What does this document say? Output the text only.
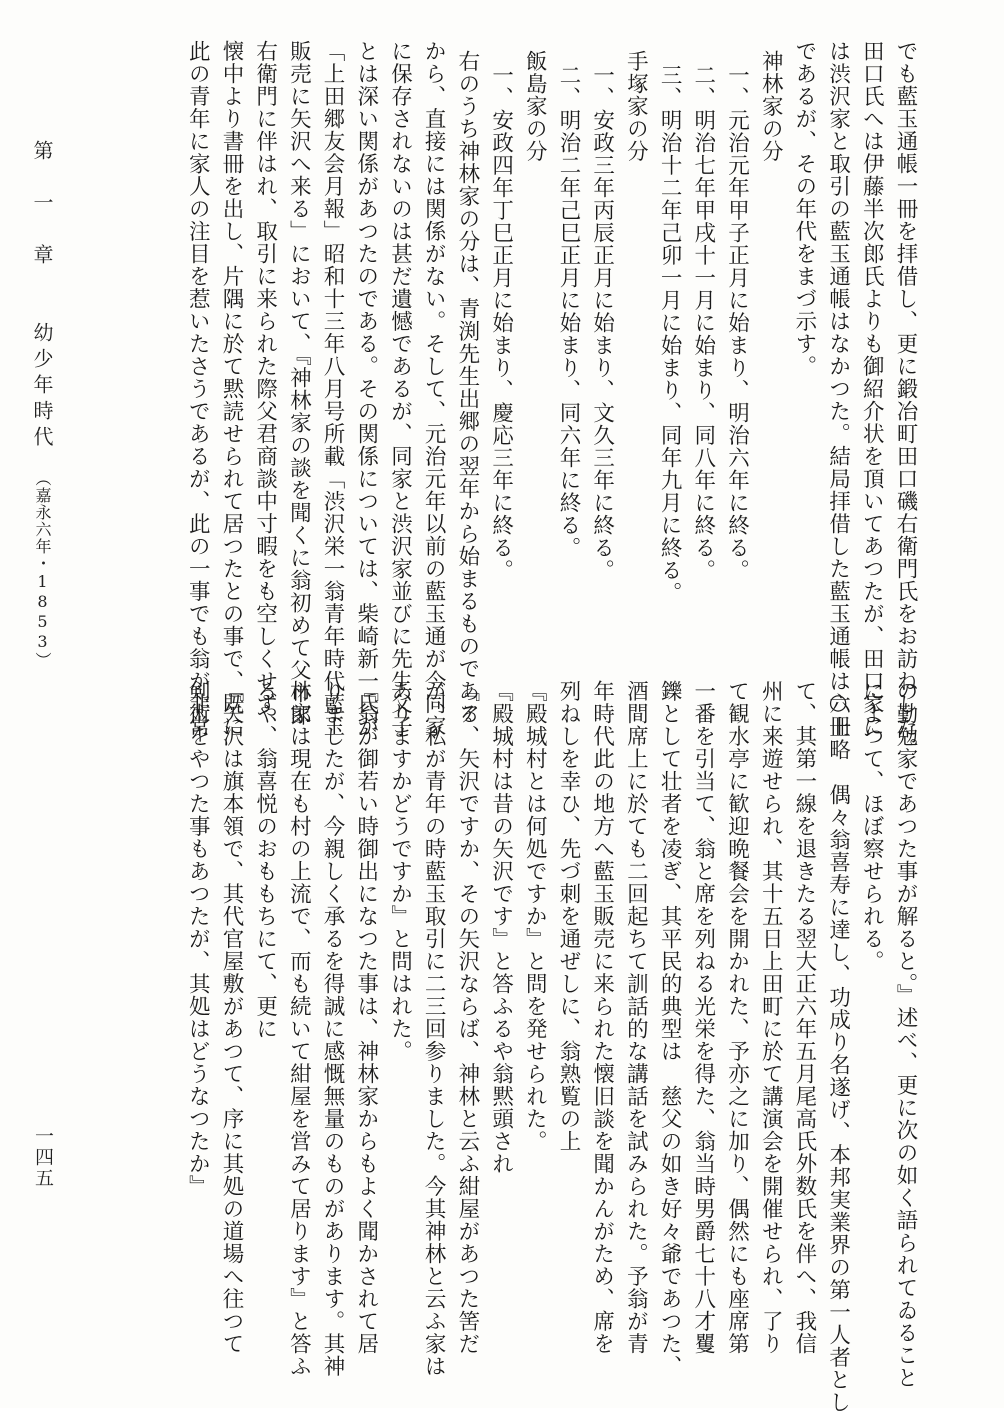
でも藍玉通帳一冊を拝借し、更に鍛冶町田口磯右衛門氏をお訪ねした。
田口氏へは伊藤半次郎氏よりも御紹介状を頂いてあつたが、田口家に
は渋沢家と取引の藍玉通帳はなかつた。結局拝借した藍玉通帳は六冊
であるが、その年代をまづ示す。
神林家の分
一、元治元年甲子正月に始まり、明治六年に終る。
二、明治七年甲戌十一月に始まり、同八年に終る。
三、明治十二年己卯一月に始まり、同年九月に終る。
手塚家の分
一、安政三年丙辰正月に始まり、文久三年に終る。
二、明治二年己巳正月に始まり、同六年に終る。
飯島家の分
一、安政四年丁巳正月に始まり、慶応三年に終る。
右のうち神林家の分は、青渕先生出郷の翌年から始まるものである
から、直接には関係がない。そして、元治元年以前の藍玉通が今同家
に保存されないのは甚だ遺憾であるが、同家と渋沢家並びに先生父子
とは深い関係があつたのである。その関係については、柴崎新一氏が
「上田郷友会月報」昭和十三年八月号所載「渋沢栄一翁青年時代藍玉
販売に矢沢へ来る」において、『神林家の談を聞くに翁初めて父市郎
右衛門に伴はれ、取引に来られた際父君商談中寸暇をも空しくせず、
懐中より書冊を出し、片隅に於て黙読せられて居つたとの事で、既に
此の青年に家人の注目を惹いたさうであるが、此の一事でも翁が非常
の勤勉家であつた事が解ると。』述べ、更に次の如く語られてゐること
によつて、ほぼ察せられる。
○上略　偶々翁喜寿に達し、功成り名遂げ、本邦実業界の第一人者とし
て、其第一線を退きたる翌大正六年五月尾高氏外数氏を伴へ、我信
州に来遊せられ、其十五日上田町に於て講演会を開催せられ、了り
て観水亭に歓迎晩餐会を開かれた、予亦之に加り、偶然にも座席第
一番を引当て、翁と席を列ねる光栄を得た、翁当時男爵七十八才矍
鑠として壮者を凌ぎ、其平民的典型は　慈父の如き好々爺であつた、
酒間席上に於ても二回起ちて訓話的な講話を試みられた。予翁が青
年時代此の地方へ藍玉販売に来られた懐旧談を聞かんがため、席を
列ねしを幸ひ、先づ刺を通ぜしに、翁熟覧の上
『殿城村とは何処ですか』と問を発せられた。
『殿城村は昔の矢沢です』と答ふるや翁黙頭され
『ア、矢沢ですか、その矢沢ならば、神林と云ふ紺屋があつた筈だ
が、私が青年の時藍玉取引に二三回参りました。今其神林と云ふ家は
ありますかどうですか』と問はれた。
『翁が御若い時御出になつた事は、神林家からもよく聞かされて居
りましたが、今親しく承るを得誠に感慨無量のものがあります。其神
林家は現在も村の上流で、而も続いて紺屋を営みて居ります』と答ふ
るや、翁喜悦のおももちにて、更に
『矢沢は旗本領で、其代官屋敷があつて、序に其処の道場へ往つて
剣術をやつた事もあつたが、其処はどうなつたか』
第　一　章　　幼少年時代　（嘉永六年・1853）
一四五
